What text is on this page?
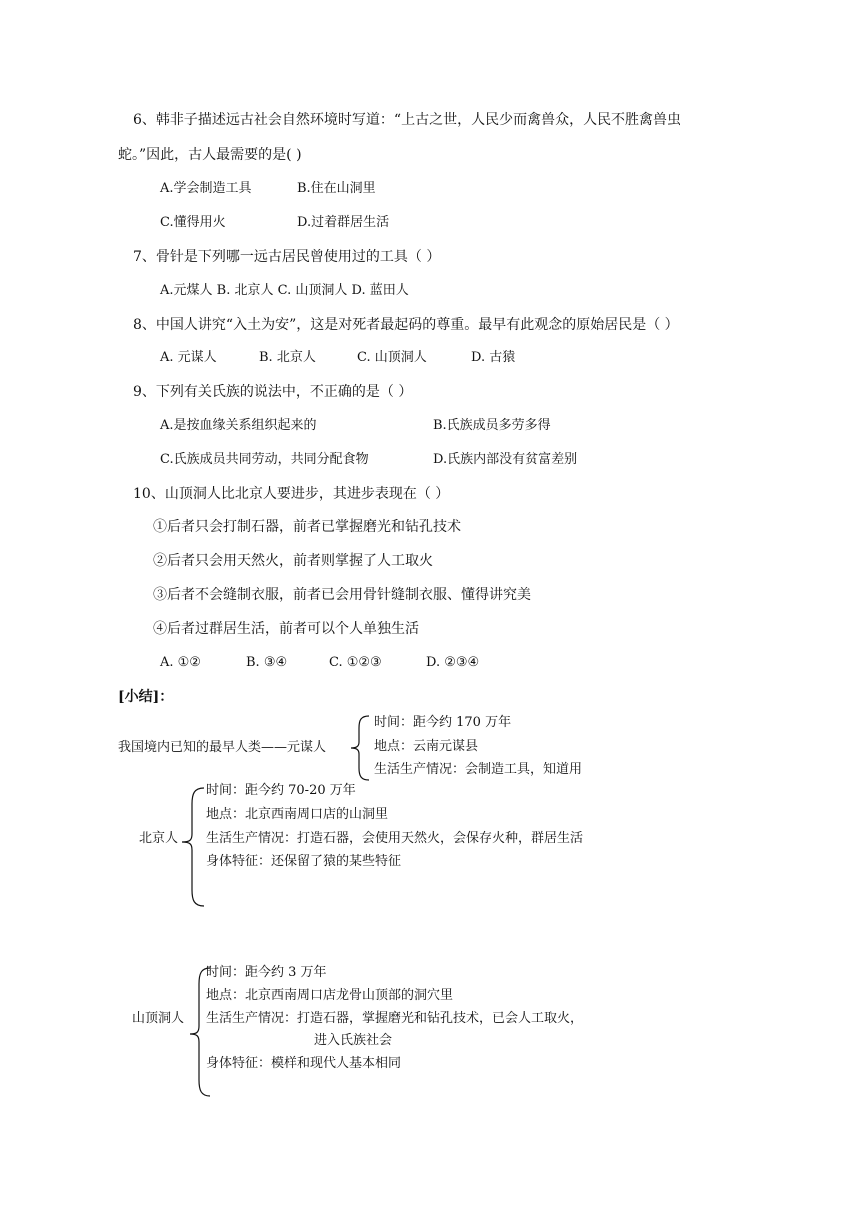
6、韩非子描述远古社会自然环境时写道：“上古之世，人民少而禽兽众，人民不胜禽兽虫
蛇。”因此，古人最需要的是( )
A.学会制造工具	B.住在山洞里
C.懂得用火	D.过着群居生活
7、骨针是下列哪一远古居民曾使用过的工具（ ）
A.元煤人 B. 北京人 C. 山顶洞人 D. 蓝田人
8、中国人讲究“入土为安”，这是对死者最起码的尊重。最早有此观念的原始居民是（ ）
A. 元谋人	B. 北京人	C. 山顶洞人	D. 古猿
9、下列有关氏族的说法中，不正确的是（ ）
A.是按血缘关系组织起来的	B.氏族成员多劳多得
C.氏族成员共同劳动，共同分配食物	D.氏族内部没有贫富差别
10、山顶洞人比北京人要进步，其进步表现在（ ）
①后者只会打制石器，前者已掌握磨光和钻孔技术
②后者只会用天然火，前者则掌握了人工取火
③后者不会缝制衣服，前者已会用骨针缝制衣服、懂得讲究美
④后者过群居生活，前者可以个人单独生活
A. ①②	B. ③④	C. ①②③	D. ②③④
[小结]：
我国境内已知的最早人类——元谋人
时间：距今约 170 万年
地点：云南元谋县
生活生产情况：会制造工具，知道用
北京人
时间：距今约 70-20 万年
地点：北京西南周口店的山洞里
生活生产情况：打造石器，会使用天然火，会保存火种，群居生活
身体特征：还保留了猿的某些特征
山顶洞人
时间：距今约 3 万年
地点：北京西南周口店龙骨山顶部的洞穴里
生活生产情况：打造石器，掌握磨光和钻孔技术，已会人工取火，
进入氏族社会
身体特征：模样和现代人基本相同
